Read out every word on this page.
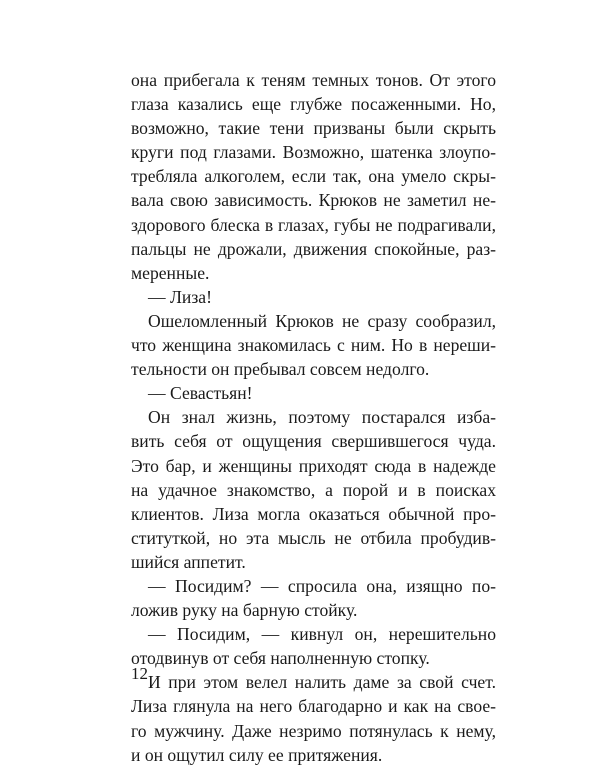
она прибегала к теням темных тонов. От этого
глаза казались еще глубже посаженными. Но,
возможно, такие тени призваны были скрыть
круги под глазами. Возможно, шатенка злоупо-
требляла алкоголем, если так, она умело скры-
вала свою зависимость. Крюков не заметил не-
здорового блеска в глазах, губы не подрагивали,
пальцы не дрожали, движения спокойные, раз-
меренные.
— Лиза!
Ошеломленный Крюков не сразу сообразил,
что женщина знакомилась с ним. Но в нереши-
тельности он пребывал совсем недолго.
— Севастьян!
Он знал жизнь, поэтому постарался изба-
вить себя от ощущения свершившегося чуда.
Это бар, и женщины приходят сюда в надежде
на удачное знакомство, а порой и в поисках
клиентов. Лиза могла оказаться обычной про-
ституткой, но эта мысль не отбила пробудив-
шийся аппетит.
— Посидим? — спросила она, изящно по-
ложив руку на барную стойку.
— Посидим, — кивнул он, нерешительно
отодвинув от себя наполненную стопку.
И при этом велел налить даме за свой счет.
Лиза глянула на него благодарно и как на свое-
го мужчину. Даже незримо потянулась к нему,
и он ощутил силу ее притяжения.
12
